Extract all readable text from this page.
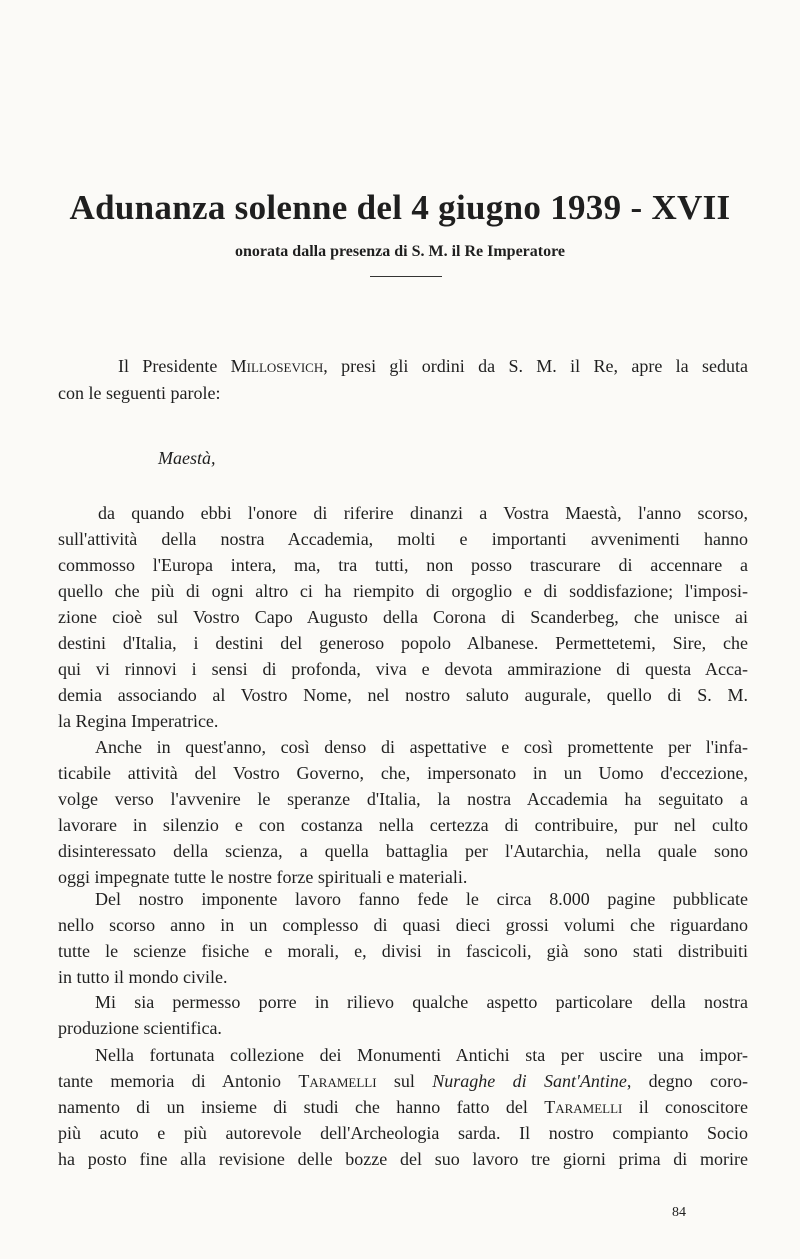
Adunanza solenne del 4 giugno 1939 - XVII
onorata dalla presenza di S. M. il Re Imperatore
Il Presidente Millosevich, presi gli ordini da S. M. il Re, apre la seduta
con le seguenti parole:
Maestà,
da quando ebbi l'onore di riferire dinanzi a Vostra Maestà, l'anno scorso,
sull'attività della nostra Accademia, molti e importanti avvenimenti hanno
commosso l'Europa intera, ma, tra tutti, non posso trascurare di accennare a
quello che più di ogni altro ci ha riempito di orgoglio e di soddisfazione; l'imposi-
zione cioè sul Vostro Capo Augusto della Corona di Scanderbeg, che unisce ai
destini d'Italia, i destini del generoso popolo Albanese. Permettetemi, Sire, che
qui vi rinnovi i sensi di profonda, viva e devota ammirazione di questa Acca-
demia associando al Vostro Nome, nel nostro saluto augurale, quello di S. M.
la Regina Imperatrice.
Anche in quest'anno, così denso di aspettative e così promettente per l'infa-
ticabile attività del Vostro Governo, che, impersonato in un Uomo d'eccezione,
volge verso l'avvenire le speranze d'Italia, la nostra Accademia ha seguitato a
lavorare in silenzio e con costanza nella certezza di contribuire, pur nel culto
disinteressato della scienza, a quella battaglia per l'Autarchia, nella quale sono
oggi impegnate tutte le nostre forze spirituali e materiali.
Del nostro imponente lavoro fanno fede le circa 8.000 pagine pubblicate
nello scorso anno in un complesso di quasi dieci grossi volumi che riguardano
tutte le scienze fisiche e morali, e, divisi in fascicoli, già sono stati distribuiti
in tutto il mondo civile.
Mi sia permesso porre in rilievo qualche aspetto particolare della nostra
produzione scientifica.
Nella fortunata collezione dei Monumenti Antichi sta per uscire una impor-
tante memoria di Antonio Taramelli sul Nuraghe di Sant'Antine, degno coro-
namento di un insieme di studi che hanno fatto del Taramelli il conoscitore
più acuto e più autorevole dell'Archeologia sarda. Il nostro compianto Socio
ha posto fine alla revisione delle bozze del suo lavoro tre giorni prima di morire
84
